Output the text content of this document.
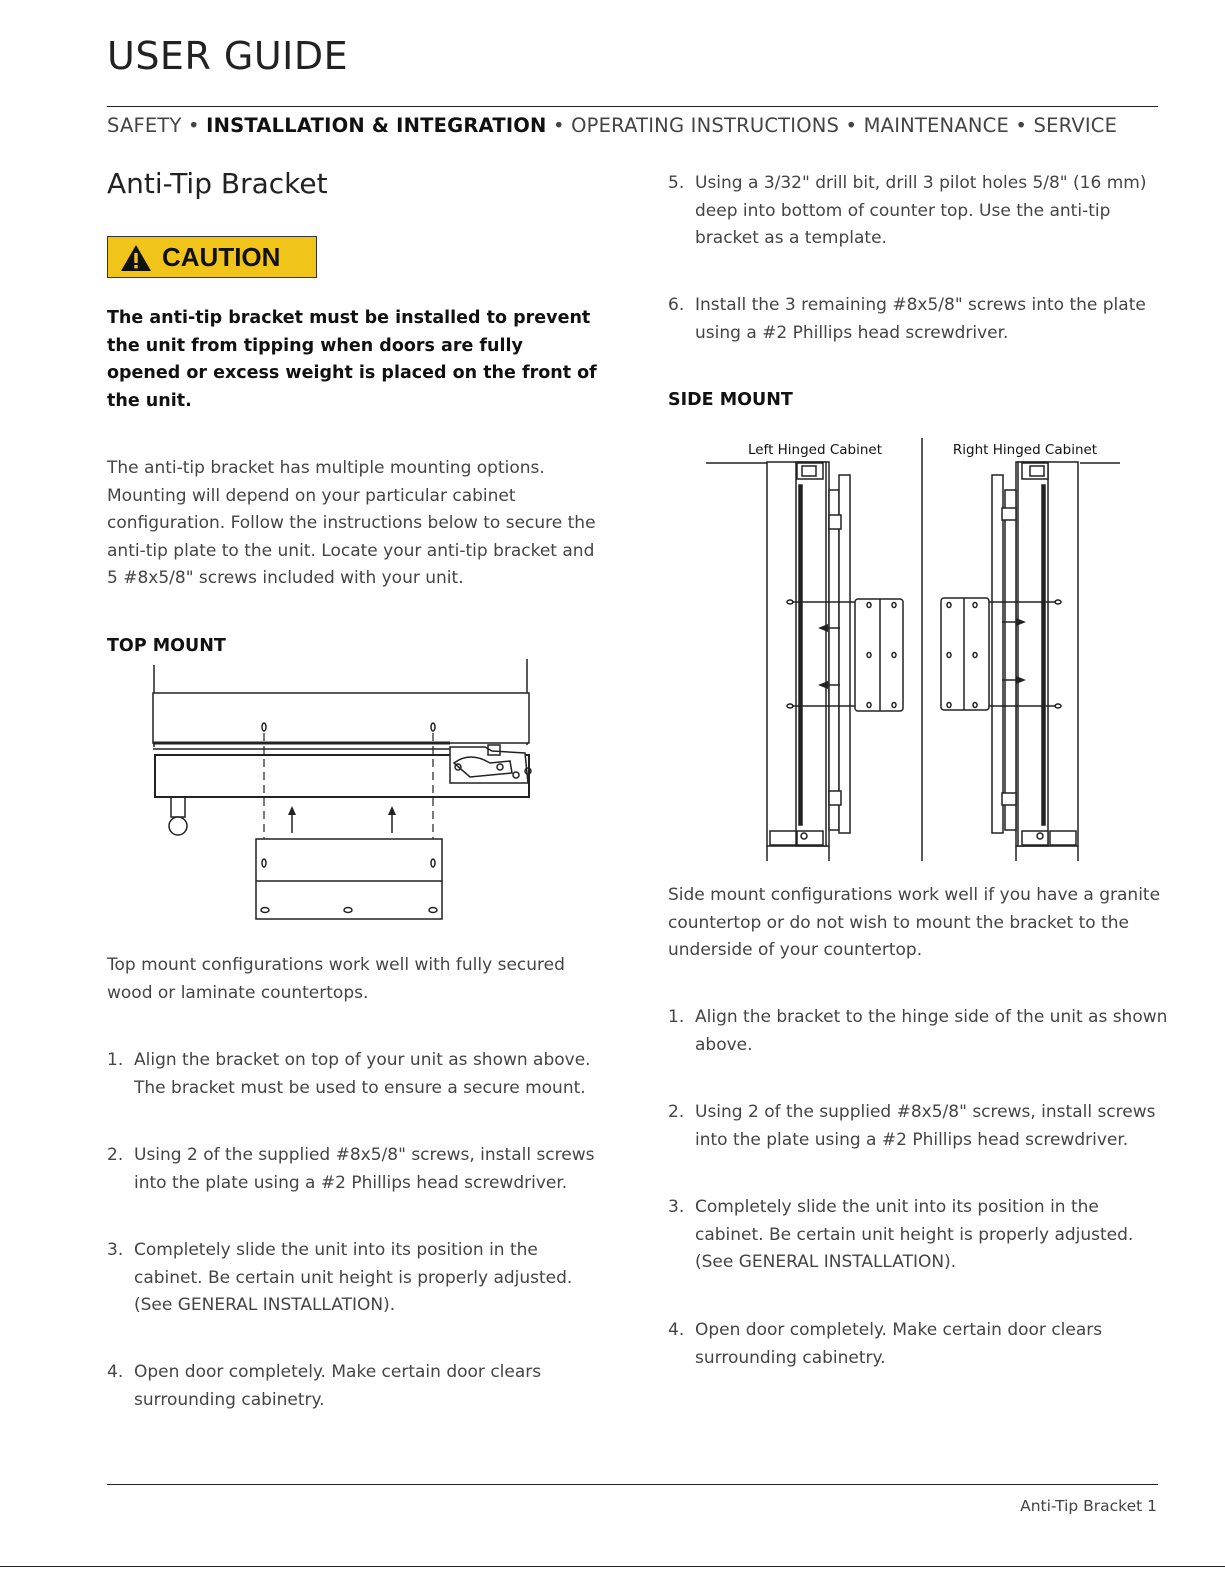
USER GUIDE
SAFETY • INSTALLATION & INTEGRATION • OPERATING INSTRUCTIONS • MAINTENANCE • SERVICE
Anti-Tip Bracket
CAUTION
The anti-tip bracket must be installed to prevent
the unit from tipping when doors are fully
opened or excess weight is placed on the front of
the unit.
The anti-tip bracket has multiple mounting options.
Mounting will depend on your particular cabinet
configuration. Follow the instructions below to secure the
anti-tip plate to the unit. Locate your anti-tip bracket and
5 #8x5/8" screws included with your unit.
TOP MOUNT
Top mount configurations work well with fully secured
wood or laminate countertops.
1. Align the bracket on top of your unit as shown above.
The bracket must be used to ensure a secure mount.
2. Using 2 of the supplied #8x5/8" screws, install screws
into the plate using a #2 Phillips head screwdriver.
3. Completely slide the unit into its position in the
cabinet. Be certain unit height is properly adjusted.
(See GENERAL INSTALLATION).
4. Open door completely. Make certain door clears
surrounding cabinetry.
5. Using a 3/32" drill bit, drill 3 pilot holes 5/8" (16 mm)
deep into bottom of counter top. Use the anti-tip
bracket as a template.
6. Install the 3 remaining #8x5/8" screws into the plate
using a #2 Phillips head screwdriver.
SIDE MOUNT
Left Hinged Cabinet	Right Hinged Cabinet
Side mount configurations work well if you have a granite
countertop or do not wish to mount the bracket to the
underside of your countertop.
1. Align the bracket to the hinge side of the unit as shown
above.
2. Using 2 of the supplied #8x5/8" screws, install screws
into the plate using a #2 Phillips head screwdriver.
3. Completely slide the unit into its position in the
cabinet. Be certain unit height is properly adjusted.
(See GENERAL INSTALLATION).
4. Open door completely. Make certain door clears
surrounding cabinetry.
Anti-Tip Bracket 1
